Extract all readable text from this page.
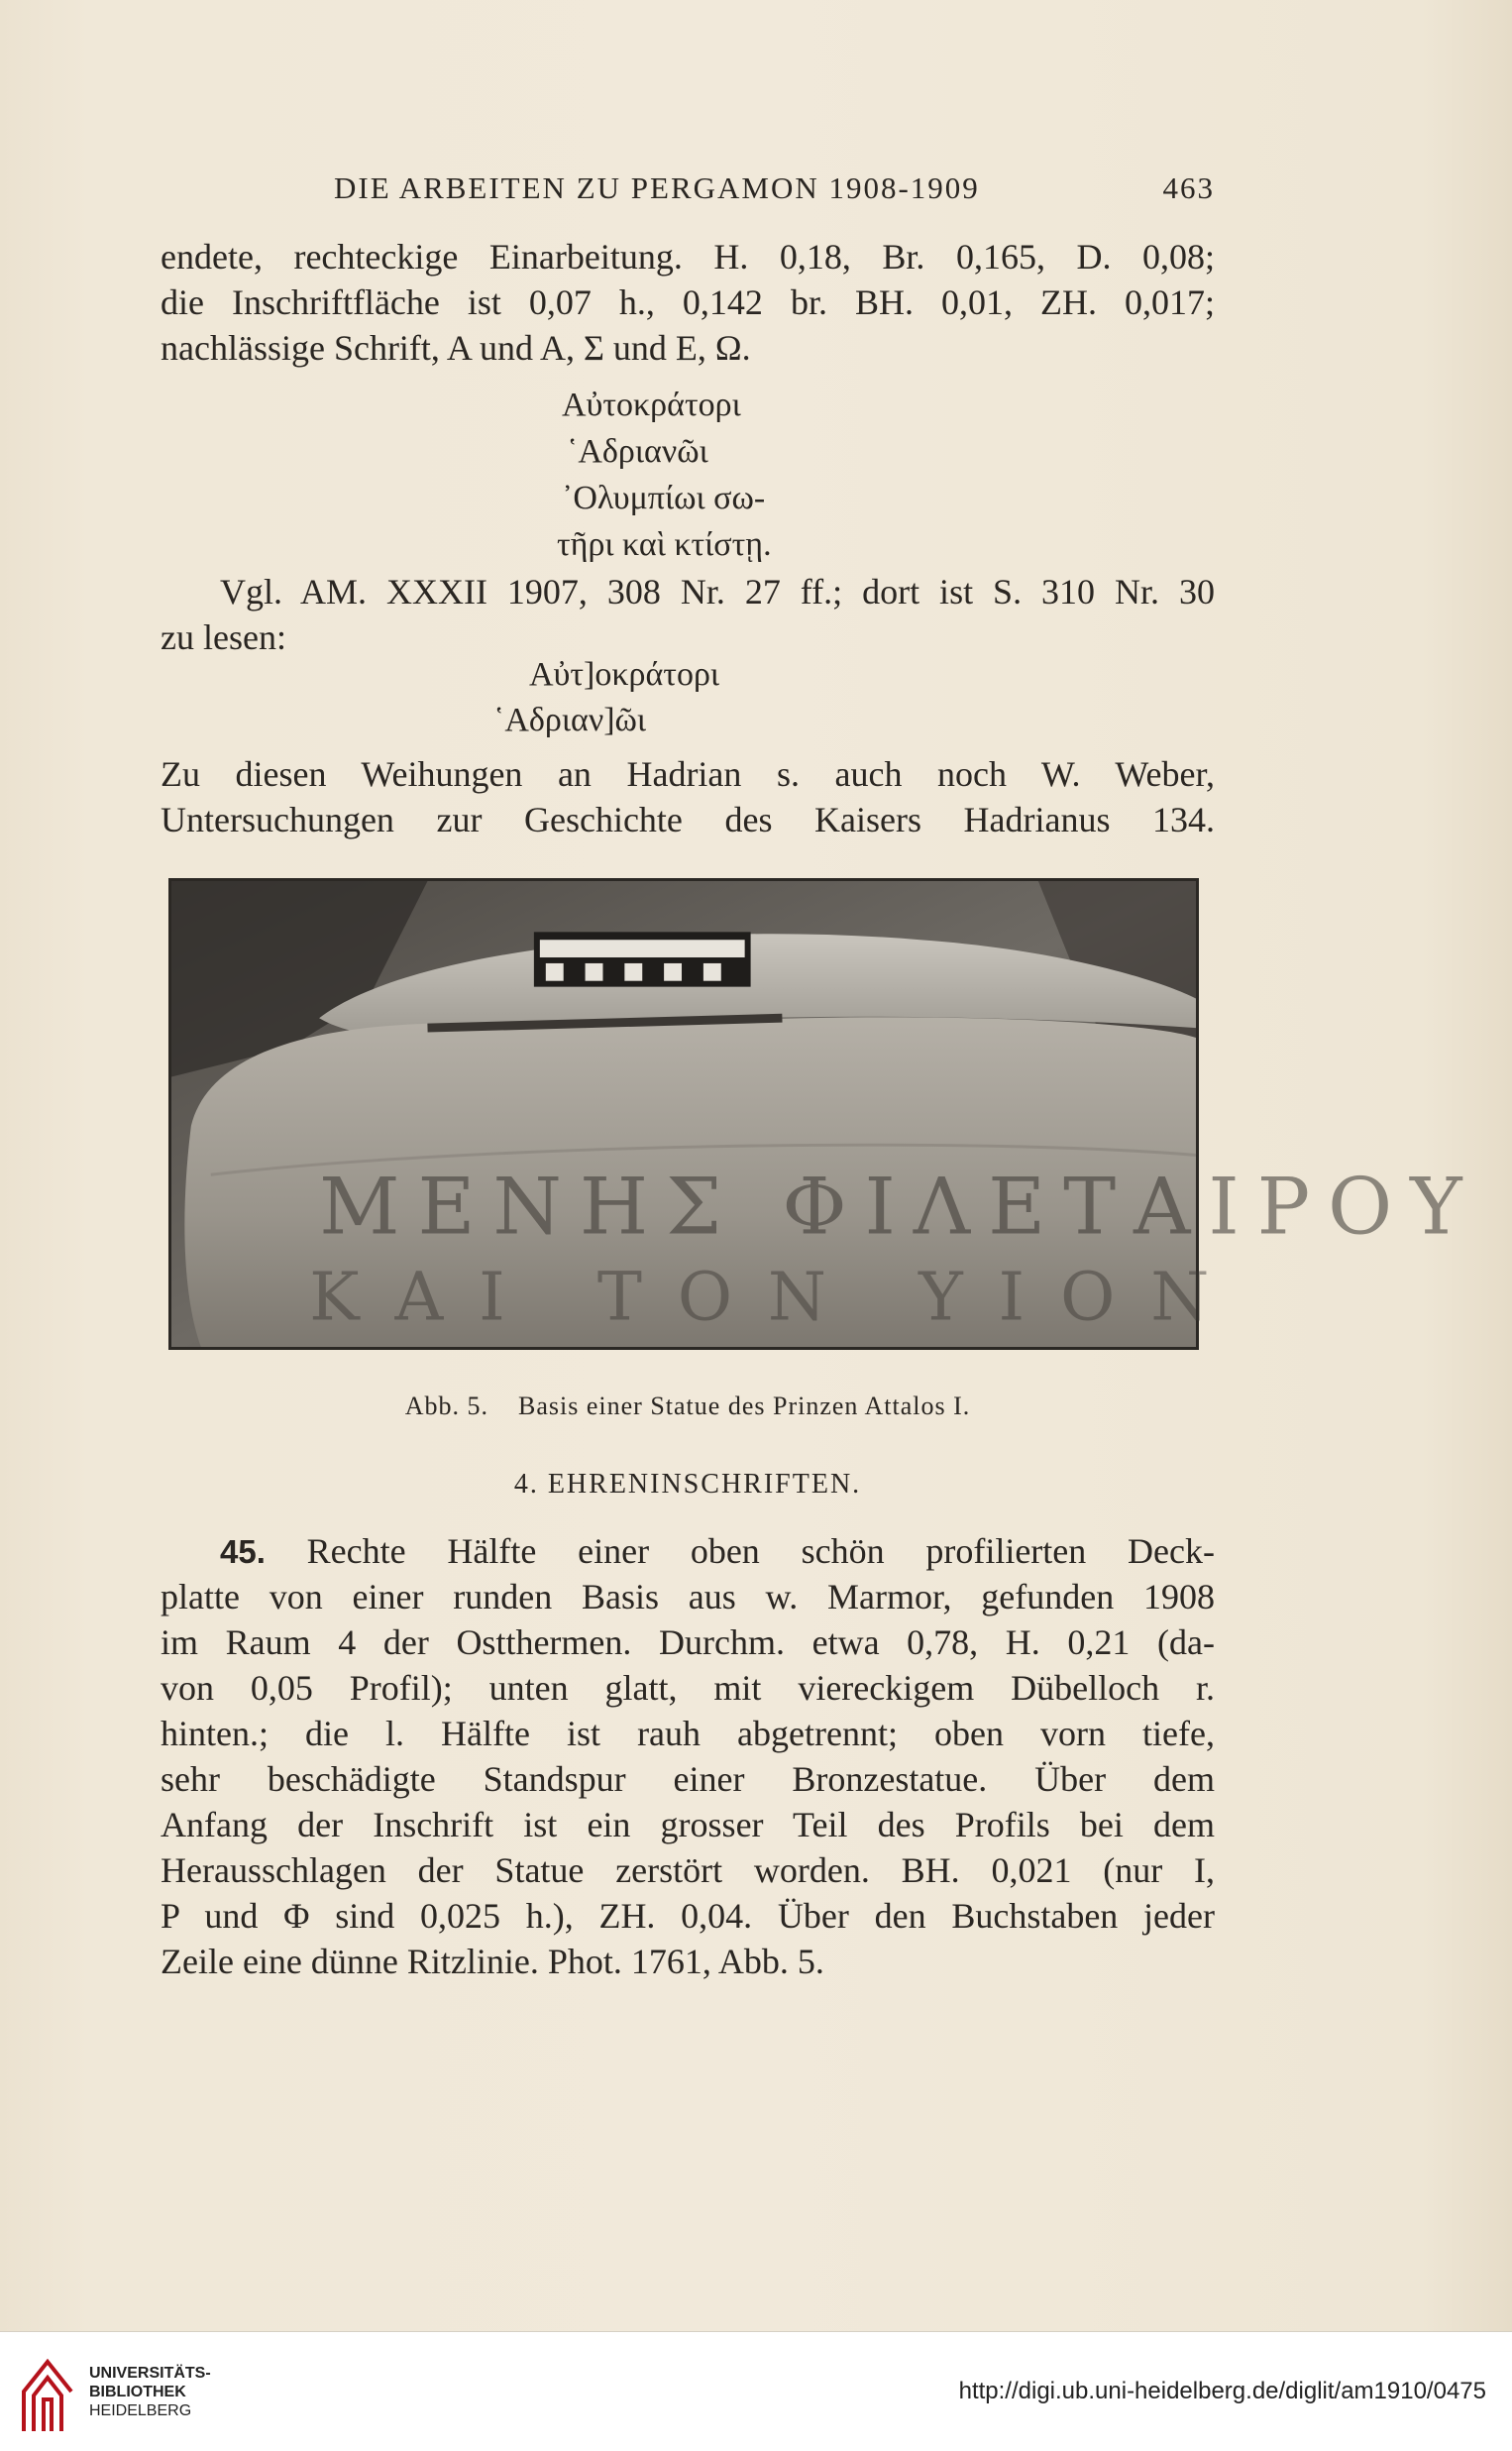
DIE ARBEITEN ZU PERGAMON 1908-1909	463
endete, rechteckige Einarbeitung. H. 0,18, Br. 0,165, D. 0,08;
die Inschriftfläche ist 0,07 h., 0,142 br. BH. 0,01, ZH. 0,017;
nachlässige Schrift, A und A, Σ und Ε, Ω.
Αὐτοκράτορι
῾Αδριανῶι
᾿Ολυμπίωι σω-
τῆρι καὶ κτίστῃ.
Vgl. AM. XXXII 1907, 308 Nr. 27 ff.; dort ist S. 310 Nr. 30
zu lesen:
Αὐτ]οκράτορι
῾Αδριαν]ῶι
Zu diesen Weihungen an Hadrian s. auch noch W. Weber,
Untersuchungen zur Geschichte des Kaisers Hadrianus 134.
Abb. 5. Basis einer Statue des Prinzen Attalos I.
4. EHRENINSCHRIFTEN.
45. Rechte Hälfte einer oben schön profilierten Deck-
platte von einer runden Basis aus w. Marmor, gefunden 1908
im Raum 4 der Ostthermen. Durchm. etwa 0,78, H. 0,21 (da-
von 0,05 Profil); unten glatt, mit viereckigem Dübelloch r.
hinten.; die l. Hälfte ist rauh abgetrennt; oben vorn tiefe,
sehr beschädigte Standspur einer Bronzestatue. Über dem
Anfang der Inschrift ist ein grosser Teil des Profils bei dem
Herausschlagen der Statue zerstört worden. BH. 0,021 (nur I,
P und Φ sind 0,025 h.), ZH. 0,04. Über den Buchstaben jeder
Zeile eine dünne Ritzlinie. Phot. 1761, Abb. 5.
ΜΕΝΗΣ ΦΙΛΕΤΑΙΡΟΥ
ΚΑΙ ΤΟΝ ΥΙΟΝ
UNIVERSITÄTS-
BIBLIOTHEK
HEIDELBERG
http://digi.ub.uni-heidelberg.de/diglit/am1910/0475
